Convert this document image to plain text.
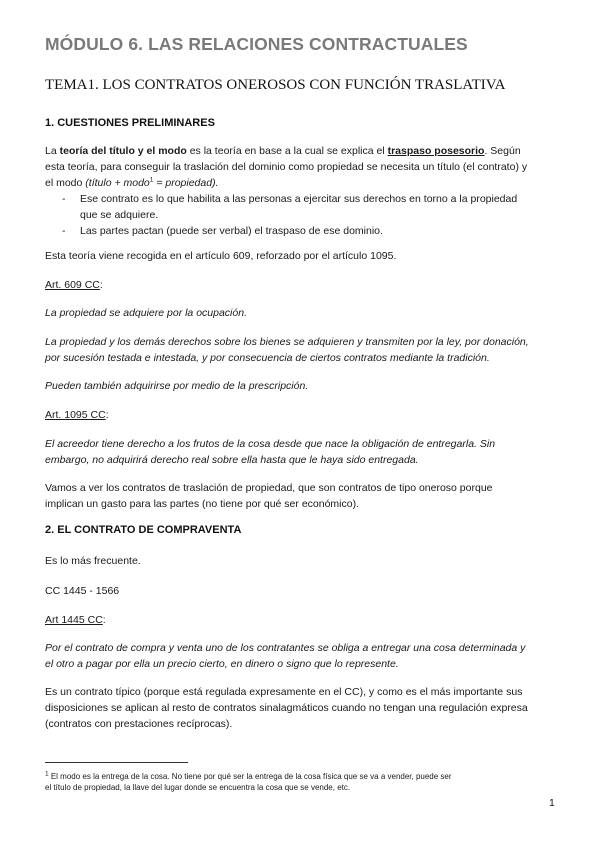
MÓDULO 6. LAS RELACIONES CONTRACTUALES
TEMA1. LOS CONTRATOS ONEROSOS CON FUNCIÓN TRASLATIVA
1. CUESTIONES PRELIMINARES
La teoría del título y el modo es la teoría en base a la cual se explica el traspaso posesorio. Según
esta teoría, para conseguir la traslación del dominio como propiedad se necesita un título (el contrato) y
el modo (título + modo$^1$ = propiedad).
- Ese contrato es lo que habilita a las personas a ejercitar sus derechos en torno a la propiedad
que se adquiere.
- Las partes pactan (puede ser verbal) el traspaso de ese dominio.

Esta teoría viene recogida en el artículo 609, reforzado por el artículo 1095.

Art. 609 CC:

La propiedad se adquiere por la ocupación.

La propiedad y los demás derechos sobre los bienes se adquieren y transmiten por la ley, por donación,
por sucesión testada e intestada, y por consecuencia de ciertos contratos mediante la tradición.

Pueden también adquirirse por medio de la prescripción.

Art. 1095 CC:

El acreedor tiene derecho a los frutos de la cosa desde que nace la obligación de entregarla. Sin
embargo, no adquirirá derecho real sobre ella hasta que le haya sido entregada.
Vamos a ver los contratos de traslación de propiedad, que son contratos de tipo oneroso porque
implican un gasto para las partes (no tiene por qué ser económico).
2. EL CONTRATO DE COMPRAVENTA

Es lo más frecuente.

CC 1445 - 1566

Art 1445 CC:

Por el contrato de compra y venta uno de los contratantes se obliga a entregar una cosa determinada y
el otro a pagar por ella un precio cierto, en dinero o signo que lo represente.
Es un contrato típico (porque está regulada expresamente en el CC), y como es el más importante sus
disposiciones se aplican al resto de contratos sinalagmáticos cuando no tengan una regulación expresa
(contratos con prestaciones recíprocas).
$^1$ El modo es la entrega de la cosa. No tiene por qué ser la entrega de la cosa física que se va a vender, puede ser
el título de propiedad, la llave del lugar donde se encuentra la cosa que se vende, etc.
1
